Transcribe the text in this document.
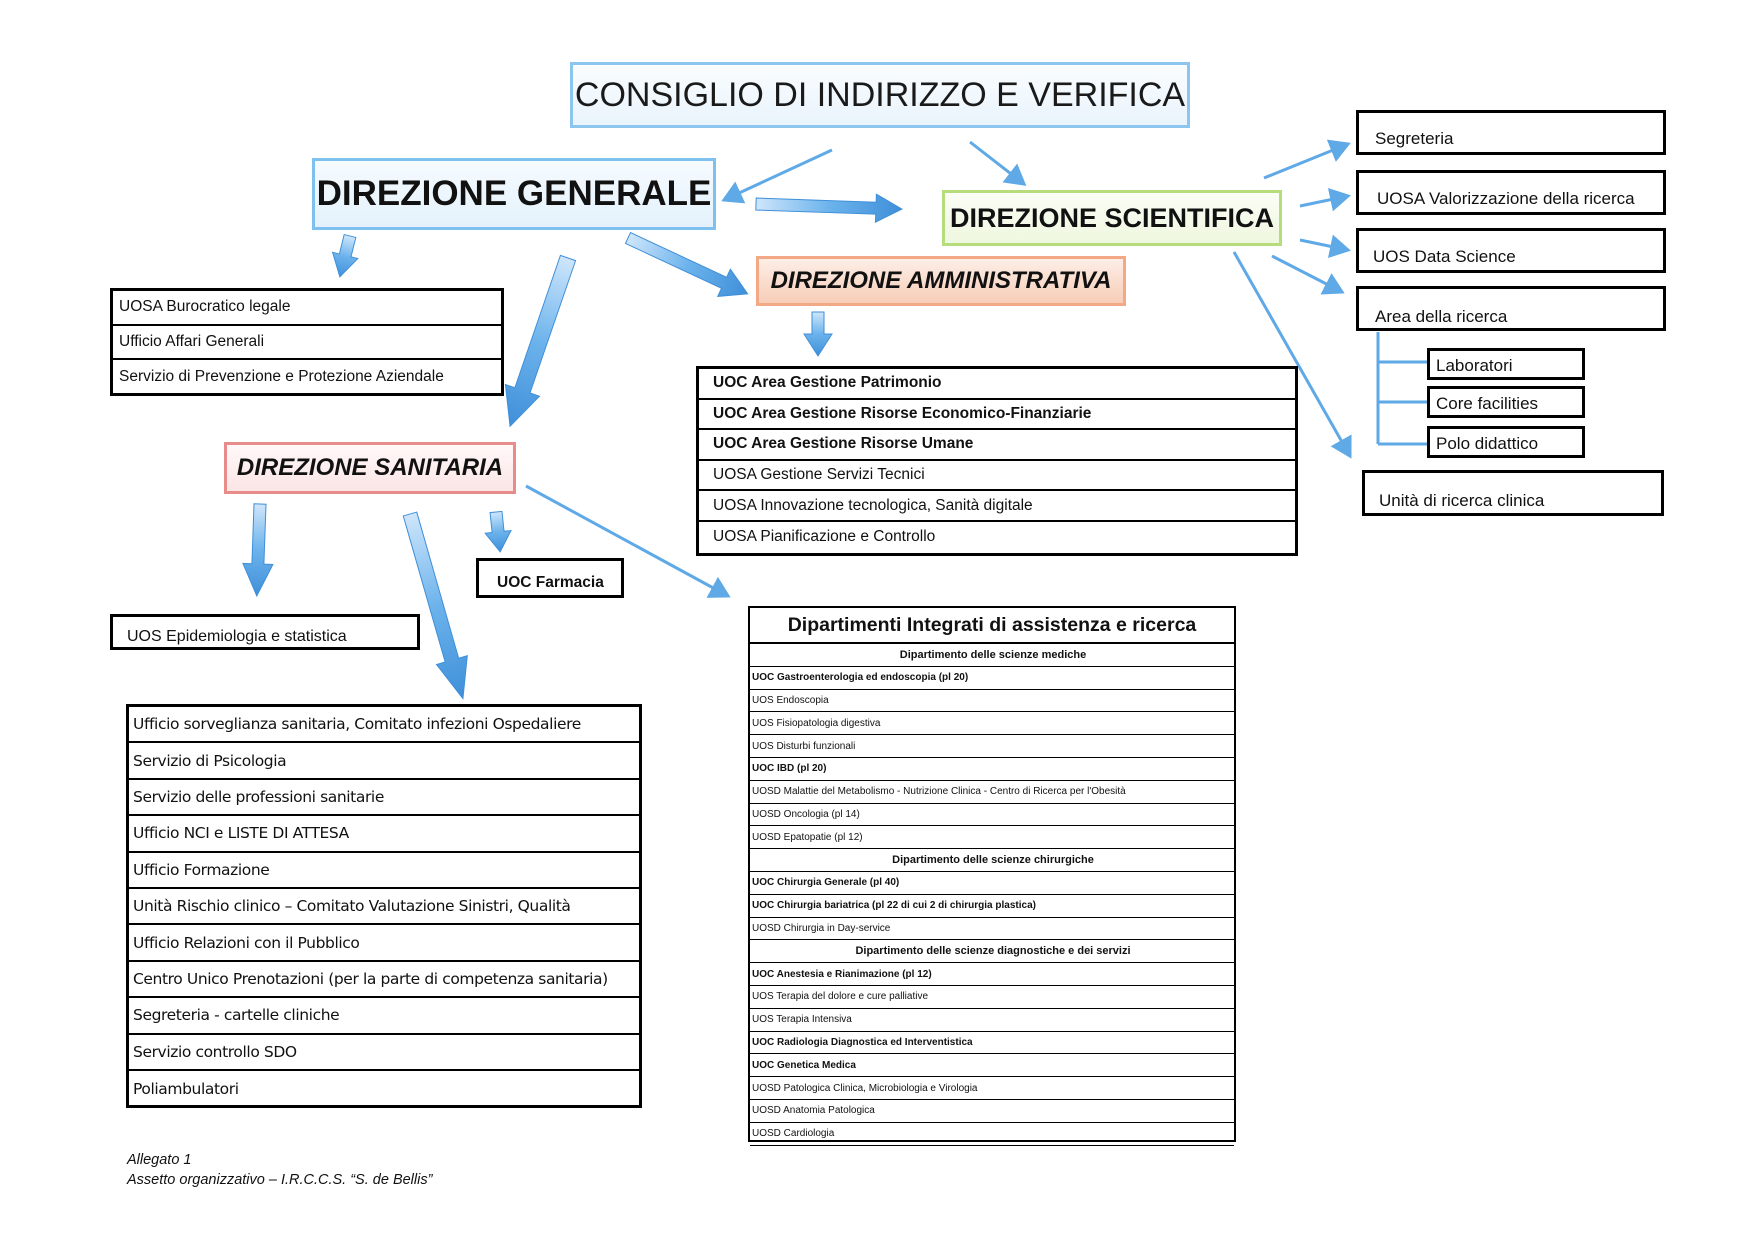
CONSIGLIO DI INDIRIZZO E VERIFICA
DIREZIONE GENERALE
DIREZIONE SCIENTIFICA
DIREZIONE AMMINISTRATIVA
DIREZIONE SANITARIA
UOSA Burocratico legale
Ufficio Affari Generali
Servizio di Prevenzione e Protezione Aziendale	UOC Area Gestione Patrimonio
UOC Area Gestione Risorse Economico-Finanziarie
UOC Area Gestione Risorse Umane
UOSA Gestione Servizi Tecnici
UOSA Innovazione tecnologica, Sanità digitale
UOSA Pianificazione e Controllo
Segreteria
UOSA Valorizzazione della ricerca
UOS Data Science
Area della ricerca
Laboratori
Core facilities
Polo didattico
Unità di ricerca clinica
UOC Farmacia
UOS Epidemiologia e statistica
Ufficio sorveglianza sanitaria, Comitato infezioni Ospedaliere
Servizio di Psicologia
Servizio delle professioni sanitarie
Ufficio NCI e LISTE DI ATTESA
Ufficio Formazione
Unità Rischio clinico – Comitato Valutazione Sinistri, Qualità
Ufficio Relazioni con il Pubblico
Centro Unico Prenotazioni (per la parte di competenza sanitaria)
Segreteria - cartelle cliniche
Servizio controllo SDO
Poliambulatori
Dipartimenti Integrati di assistenza e ricerca
Dipartimento delle scienze mediche
UOC Gastroenterologia ed endoscopia (pl 20)
UOS Endoscopia
UOS Fisiopatologia digestiva
UOS Disturbi funzionali
UOC IBD (pl 20)
UOSD Malattie del Metabolismo - Nutrizione Clinica - Centro di Ricerca per l'Obesità
UOSD Oncologia (pl 14)
UOSD Epatopatie (pl 12)
Dipartimento delle scienze chirurgiche
UOC Chirurgia Generale (pl 40)
UOC Chirurgia bariatrica (pl 22 di cui 2 di chirurgia plastica)
UOSD Chirurgia in Day-service
Dipartimento delle scienze diagnostiche e dei servizi
UOC Anestesia e Rianimazione (pl 12)
UOS Terapia del dolore e cure palliative
UOS Terapia Intensiva
UOC Radiologia Diagnostica ed Interventistica
UOC Genetica Medica
UOSD Patologica Clinica, Microbiologia e Virologia
UOSD Anatomia Patologica
UOSD Cardiologia
Allegato 1
Assetto organizzativo – I.R.C.C.S. “S. de Bellis”
